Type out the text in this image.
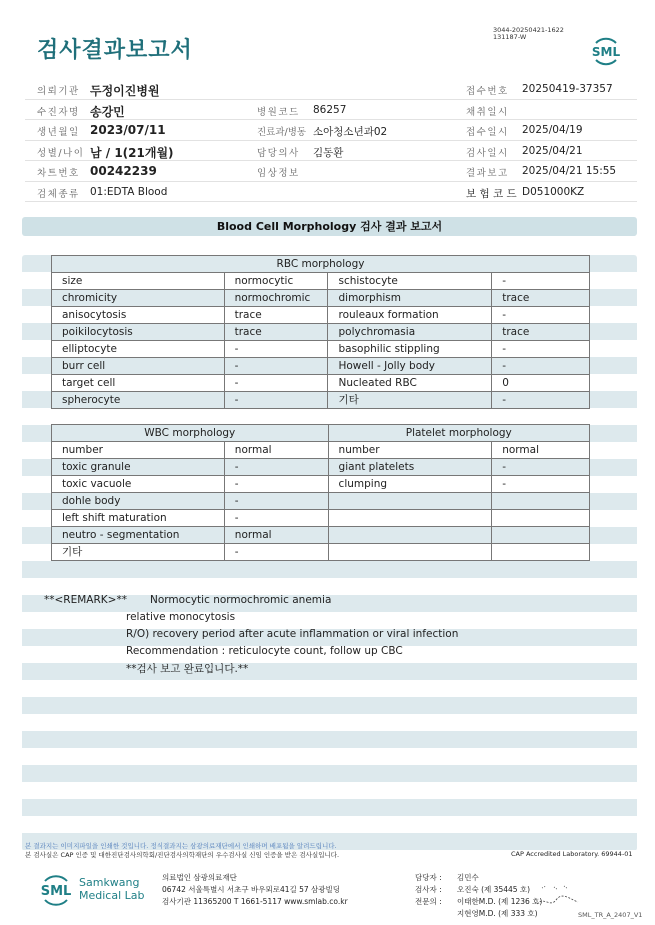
검사결과보고서
3044-20250421-1622
131187-W
SML
의뢰기관 두정이진병원	접수번호 20250419-37357
수진자명 송강민	병원코드 86257	채취일시
생년월일 2023/07/11	진료과/병동 소아청소년과02	접수일시 2025/04/19
성별/나이 남 / 1(21개월)	담당의사 김동환	검사일시 2025/04/21
차트번호 00242239	임상정보	결과보고 2025/04/21 15:55
검체종류 01:EDTA Blood	보 험 코 드 D051000KZ
Blood Cell Morphology 검사 결과 보고서
RBC morphology			
size	normocytic	schistocyte	-
chromicity	normochromic	dimorphism	trace
anisocytosis	trace	rouleaux formation	-
poikilocytosis	trace	polychromasia	trace
elliptocyte	-	basophilic stippling	-
burr cell	-	Howell - Jolly body	-
target cell	-	Nucleated RBC	0
spherocyte	-	기타	-
WBC morphology		Platelet morphology	
number	normal	number	normal
toxic granule	-	giant platelets	-
toxic vacuole	-	clumping	-
dohle body	-		
left shift maturation	-		
neutro - segmentation	normal		
기타	-		
**<REMARK>** Normocytic normochromic anemia
relative monocytosis
R/O) recovery period after acute inflammation or viral infection
Recommendation : reticulocyte count, follow up CBC
**검사 보고 완료입니다.**
본 결과지는 이미지파일을 인쇄한 것입니다. 정식결과지는 삼광의료재단에서 인쇄하며 배포됨을 알려드립니다.
본 검사실은 CAP 인증 및 대한진단검사의학회/진단검사의학재단의 우수검사실 신임 인증을 받은 검사실입니다.	CAP Accredited Laboratory. 69944-01
SML
Samkwang
Medical Lab
의료법인 삼광의료재단
06742 서울특별시 서초구 바우뫼로41길 57 삼광빌딩
검사기관 11365200 T 1661-5117 www.smlab.co.kr
담당자 : 김민수
검사자 : 오진숙 (제 35445 호)
전문의 : 이태한M.D. (제 1236 호)
지현영M.D. (제 333 호)	SML_TR_A_2407_V1
